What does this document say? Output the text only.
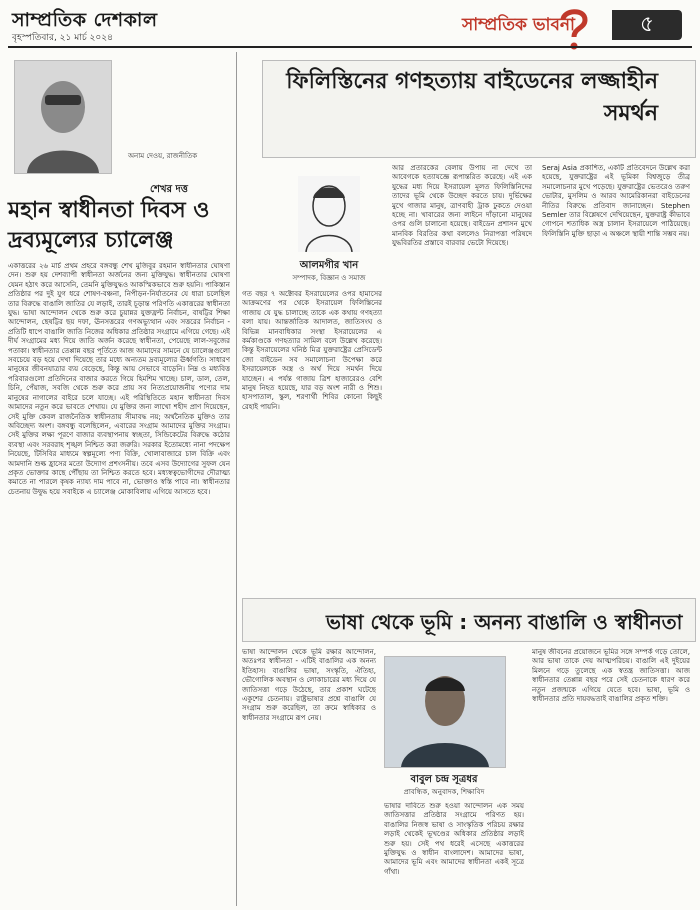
সাম্প্রতিক দেশকাল
বৃহস্পতিবার, ২১ মার্চ ২০২৪
সাম্প্রতিক ভাবনা	৫
অনাম দেওয়, রাজনীতিক
শেখর দত্ত
মহান স্বাধীনতা দিবস ও দ্রব্যমূল্যের চ্যালেঞ্জ
একাত্তরের ২৬ মার্চ প্রথম প্রহরে বঙ্গবন্ধু শেখ মুজিবুর রহমান স্বাধীনতার ঘোষণা দেন। শুরু হয় দেশব্যাপী স্বাধীনতা অর্জনের জন্য মুক্তিযুদ্ধ। স্বাধীনতার ঘোষণা যেমন হঠাৎ করে আসেনি, তেমনি মুক্তিযুদ্ধও আকস্মিকভাবে শুরু হয়নি। পাকিস্তান প্রতিষ্ঠার পর দুই যুগ ধরে শোষণ-বঞ্চনা, নিপীড়ন-নির্যাতনের যে ধারা চলেছিল তার বিরুদ্ধে বাঙালি জাতির যে লড়াই, তারই চূড়ান্ত পরিণতি একাত্তরের স্বাধীনতা যুদ্ধ। ভাষা আন্দোলন থেকে শুরু করে চুয়ান্নর যুক্তফ্রন্ট নির্বাচন, বাষট্টির শিক্ষা আন্দোলন, ছেষট্টির ছয় দফা, ঊনসত্তরের গণঅভ্যুত্থান এবং সত্তরের নির্বাচন - প্রতিটি ধাপে বাঙালি জাতি নিজের অধিকার প্রতিষ্ঠার সংগ্রামে এগিয়ে গেছে। এই দীর্ঘ সংগ্রামের মধ্য দিয়ে জাতি অর্জন করেছে স্বাধীনতা, পেয়েছে লাল-সবুজের পতাকা। স্বাধীনতার তেপ্পান্ন বছর পূর্তিতে আজ আমাদের সামনে যে চ্যালেঞ্জগুলো সবচেয়ে বড় হয়ে দেখা দিয়েছে তার মধ্যে অন্যতম দ্রব্যমূল্যের ঊর্ধ্বগতি। সাধারণ মানুষের জীবনযাত্রার ব্যয় বেড়েছে, কিন্তু আয় সেভাবে বাড়েনি। নিম্ন ও মধ্যবিত্ত পরিবারগুলো প্রতিদিনের বাজার করতে গিয়ে হিমশিম খাচ্ছে। চাল, ডাল, তেল, চিনি, পেঁয়াজ, সবজি থেকে শুরু করে প্রায় সব নিত্যপ্রয়োজনীয় পণ্যের দাম মানুষের নাগালের বাইরে চলে যাচ্ছে। এই পরিস্থিতিতে মহান স্বাধীনতা দিবস আমাদের নতুন করে ভাবতে শেখায়। যে মুক্তির জন্য লাখো শহীদ প্রাণ দিয়েছেন, সেই মুক্তি কেবল রাজনৈতিক স্বাধীনতায় সীমাবদ্ধ নয়; অর্থনৈতিক মুক্তিও তার অবিচ্ছেদ্য অংশ। বঙ্গবন্ধু বলেছিলেন, এবারের সংগ্রাম আমাদের মুক্তির সংগ্রাম। সেই মুক্তির লক্ষ্য পূরণে বাজার ব্যবস্থাপনায় স্বচ্ছতা, সিন্ডিকেটের বিরুদ্ধে কঠোর ব্যবস্থা এবং সরবরাহ শৃঙ্খল নিশ্চিত করা জরুরি। সরকার ইতোমধ্যে নানা পদক্ষেপ নিয়েছে, টিসিবির মাধ্যমে স্বল্পমূল্যে পণ্য বিক্রি, খোলাবাজারে চাল বিক্রি এবং আমদানি শুল্ক হ্রাসের মতো উদ্যোগ প্রশংসনীয়। তবে এসব উদ্যোগের সুফল যেন প্রকৃত ভোক্তার কাছে পৌঁছায় তা নিশ্চিত করতে হবে। মধ্যস্বত্বভোগীদের দৌরাত্ম্য কমাতে না পারলে কৃষক ন্যায্য দাম পাবে না, ভোক্তাও স্বস্তি পাবে না। স্বাধীনতার চেতনায় উদ্বুদ্ধ হয়ে সবাইকে এ চ্যালেঞ্জ মোকাবিলায় এগিয়ে আসতে হবে।
ফিলিস্তিনের গণহত্যায় বাইডেনের লজ্জাহীন সমর্থন
আলমগীর খান
সম্পাদক, বিজ্ঞান ও সমাজ
গত বছর ৭ অক্টোবর ইসরায়েলের ওপর হামাসের আক্রমণের পর থেকে ইসরায়েল ফিলিস্তিনের গাজায় যে যুদ্ধ চালাচ্ছে তাকে এক কথায় গণহত্যা বলা যায়। আন্তর্জাতিক আদালত, জাতিসংঘ ও বিভিন্ন মানবাধিকার সংস্থা ইসরায়েলের এ কর্মকাণ্ডকে গণহত্যার সামিল বলে উল্লেখ করেছে। কিন্তু ইসরায়েলের ঘনিষ্ঠ মিত্র যুক্তরাষ্ট্রের প্রেসিডেন্ট জো বাইডেন সব সমালোচনা উপেক্ষা করে ইসরায়েলকে অস্ত্র ও অর্থ দিয়ে সমর্থন দিয়ে যাচ্ছেন। এ পর্যন্ত গাজায় ত্রিশ হাজারেরও বেশি মানুষ নিহত হয়েছে, যার বড় অংশ নারী ও শিশু। হাসপাতাল, স্কুল, শরণার্থী শিবির কোনো কিছুই রেহাই পায়নি।
আর প্রতারকের বেলায় উপায় না দেখে তা আবেগকে হত্যাযজ্ঞে রূপান্তরিত করেছে। এই এক যুদ্ধের মধ্য দিয়ে ইসরায়েল মূলত ফিলিস্তিনিদের তাদের ভূমি থেকে উচ্ছেদ করতে চায়। দুর্ভিক্ষের মুখে গাজার মানুষ, ত্রাণবাহী ট্রাক ঢুকতে দেওয়া হচ্ছে না। খাবারের জন্য লাইনে দাঁড়ানো মানুষের ওপর গুলি চালানো হয়েছে। বাইডেন প্রশাসন মুখে মানবিক বিরতির কথা বললেও নিরাপত্তা পরিষদে যুদ্ধবিরতির প্রস্তাবে বারবার ভেটো দিয়েছে।
Seraj Asia প্রকাশিত, একটি প্রতিবেদনে উল্লেখ করা হয়েছে, যুক্তরাষ্ট্রের এই ভূমিকা বিশ্বজুড়ে তীব্র সমালোচনার মুখে পড়েছে। যুক্তরাষ্ট্রের ভেতরেও তরুণ ভোটার, মুসলিম ও আরব আমেরিকানরা বাইডেনের নীতির বিরুদ্ধে প্রতিবাদ জানাচ্ছেন। Stephen Semler তার বিশ্লেষণে দেখিয়েছেন, যুক্তরাষ্ট্র কীভাবে গোপনে শতাধিক অস্ত্র চালান ইসরায়েলে পাঠিয়েছে। ফিলিস্তিনি মুক্তি ছাড়া এ অঞ্চলে স্থায়ী শান্তি সম্ভব নয়।
ভাষা থেকে ভূমি : অনন্য বাঙালি ও স্বাধীনতা
বাবুল চন্দ্র সূত্রধর
প্রাবন্ধিক, অনুবাদক, শিক্ষাবিদ
ভাষা আন্দোলন থেকে ভূমি রক্ষার আন্দোলন, অতঃপর স্বাধীনতা - এটিই বাঙালির এক অনন্য ইতিহাস। বাঙালির ভাষা, সংস্কৃতি, ঐতিহ্য, ভৌগোলিক অবস্থান ও লোকাচারের মধ্য দিয়ে যে জাতিসত্তা গড়ে উঠেছে, তার প্রকাশ ঘটেছে একুশের চেতনায়। রাষ্ট্রভাষার প্রশ্নে বাঙালি যে সংগ্রাম শুরু করেছিল, তা ক্রমে স্বাধিকার ও স্বাধীনতার সংগ্রামে রূপ নেয়।
ভাষার দাবিতে শুরু হওয়া আন্দোলন এক সময় জাতিসত্তার প্রতিষ্ঠার সংগ্রামে পরিণত হয়। বাঙালির নিজস্ব ভাষা ও সাংস্কৃতিক পরিচয় রক্ষার লড়াই থেকেই ভূখণ্ডের অধিকার প্রতিষ্ঠার লড়াই শুরু হয়। সেই পথ ধরেই এসেছে একাত্তরের মুক্তিযুদ্ধ ও স্বাধীন বাংলাদেশ। আমাদের ভাষা, আমাদের ভূমি এবং আমাদের স্বাধীনতা একই সূত্রে গাঁথা।
মানুষ জীবনের প্রয়োজনে ভূমির সঙ্গে সম্পর্ক গড়ে তোলে, আর ভাষা তাকে দেয় আত্মপরিচয়। বাঙালি এই দুইয়ের মিলনে গড়ে তুলেছে এক স্বতন্ত্র জাতিসত্তা। আজ স্বাধীনতার তেপ্পান্ন বছর পরে সেই চেতনাকে ধারণ করে নতুন প্রজন্মকে এগিয়ে যেতে হবে। ভাষা, ভূমি ও স্বাধীনতার প্রতি দায়বদ্ধতাই বাঙালির প্রকৃত শক্তি।
